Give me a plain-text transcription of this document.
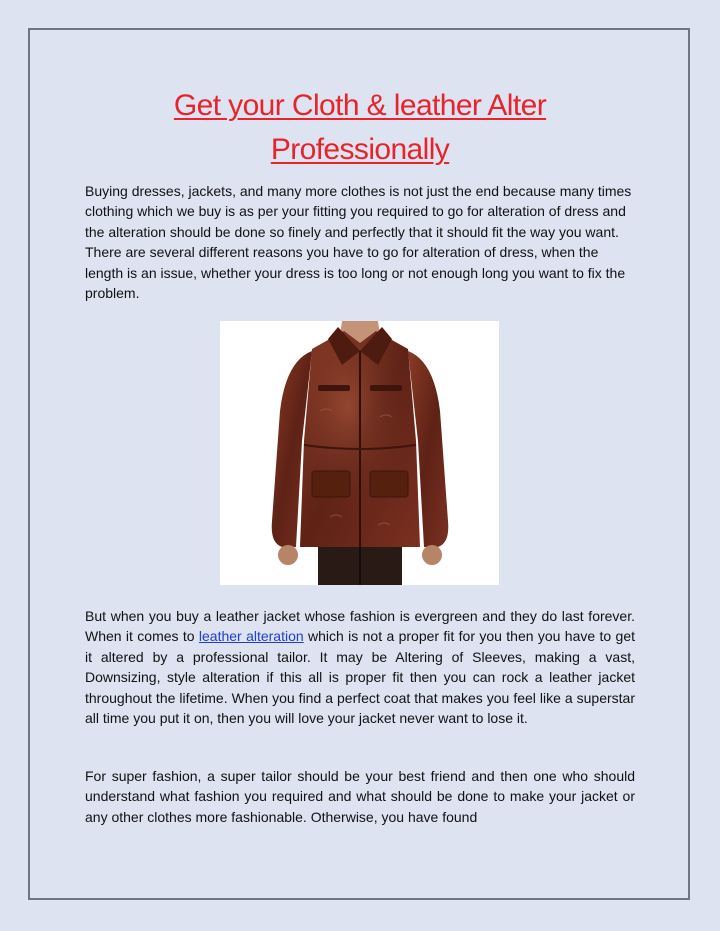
Get your Cloth & leather Alter
Professionally

Buying dresses, jackets, and many more clothes is not just the end because many times clothing which we buy is as per your fitting you required to go for alteration of dress and the alteration should be done so finely and perfectly that it should fit the way you want. There are several different reasons you have to go for alteration of dress, when the length is an issue, whether your dress is too long or not enough long you want to fix the problem.

But when you buy a leather jacket whose fashion is evergreen and they do last forever. When it comes to leather alteration which is not a proper fit for you then you have to get it altered by a professional tailor. It may be Altering of Sleeves, making a vast, Downsizing, style alteration if this all is proper fit then you can rock a leather jacket throughout the lifetime. When you find a perfect coat that makes you feel like a superstar all time you put it on, then you will love your jacket never want to lose it.

For super fashion, a super tailor should be your best friend and then one who should understand what fashion you required and what should be done to make your jacket or any other clothes more fashionable. Otherwise, you have found
